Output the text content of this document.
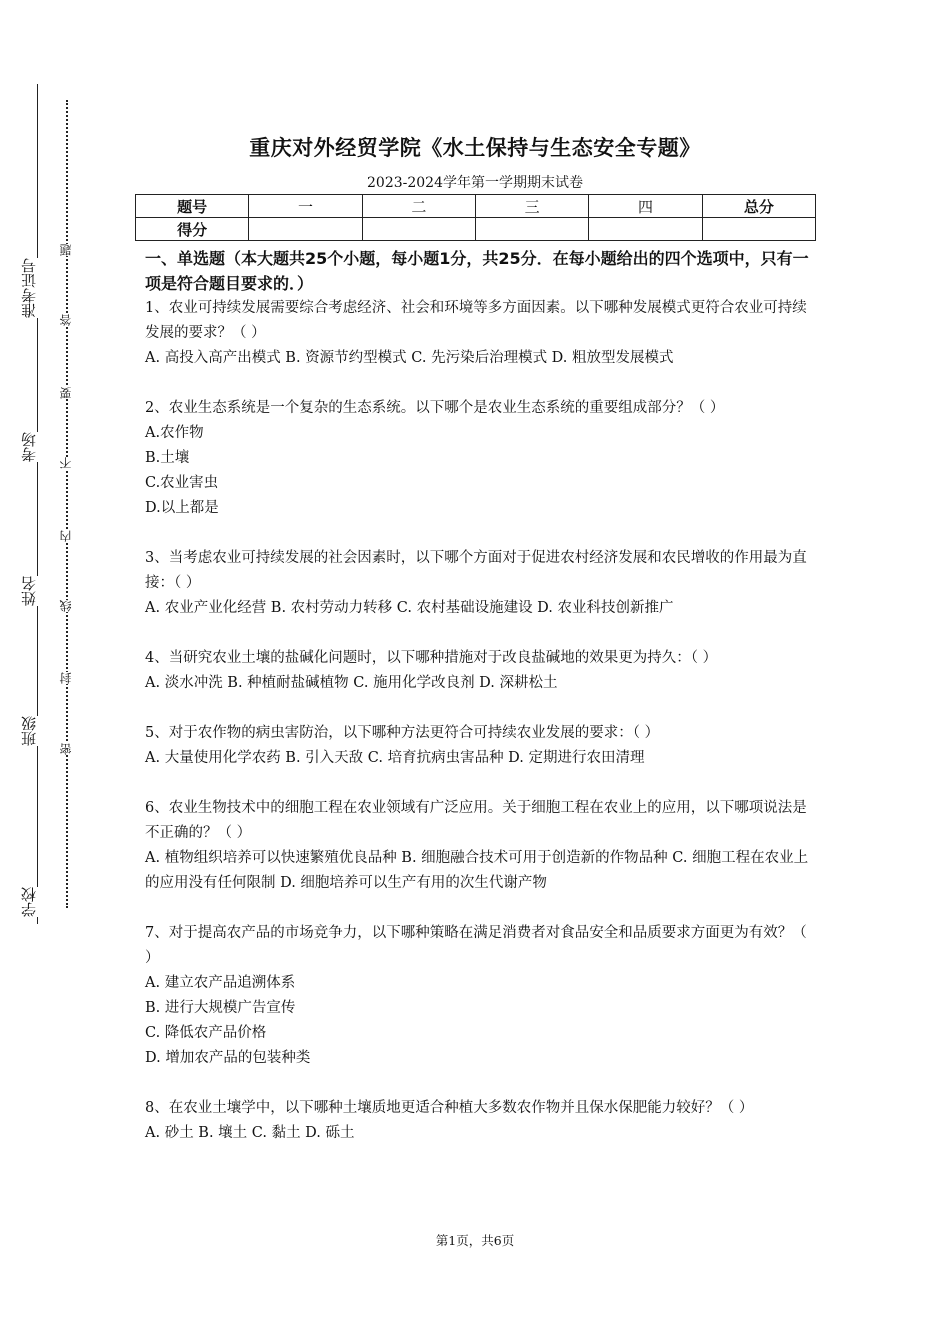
准考证号
考场
姓名
班级
学校
题
答
要
不
内
线
封
密
重庆对外经贸学院《水土保持与生态安全专题》
2023-2024学年第一学期期末试卷
题号	一	二	三	四	总分
得分					

一、单选题（本大题共25个小题，每小题1分，共25分．在每小题给出的四个选项中，只有一项是符合题目要求的．）

1、农业可持续发展需要综合考虑经济、社会和环境等多方面因素。以下哪种发展模式更符合农业可持续发展的要求？（ ）

A. 高投入高产出模式 B. 资源节约型模式 C. 先污染后治理模式 D. 粗放型发展模式

2、农业生态系统是一个复杂的生态系统。以下哪个是农业生态系统的重要组成部分？（ ）

A.农作物

B.土壤

C.农业害虫

D.以上都是

3、当考虑农业可持续发展的社会因素时，以下哪个方面对于促进农村经济发展和农民增收的作用最为直接：（ ）

A. 农业产业化经营 B. 农村劳动力转移 C. 农村基础设施建设 D. 农业科技创新推广

4、当研究农业土壤的盐碱化问题时，以下哪种措施对于改良盐碱地的效果更为持久：（ ）

A. 淡水冲洗 B. 种植耐盐碱植物 C. 施用化学改良剂 D. 深耕松土

5、对于农作物的病虫害防治，以下哪种方法更符合可持续农业发展的要求：（ ）

A. 大量使用化学农药 B. 引入天敌 C. 培育抗病虫害品种 D. 定期进行农田清理

6、农业生物技术中的细胞工程在农业领域有广泛应用。关于细胞工程在农业上的应用，以下哪项说法是不正确的？（ ）

A. 植物组织培养可以快速繁殖优良品种 B. 细胞融合技术可用于创造新的作物品种 C. 细胞工程在农业上的应用没有任何限制 D. 细胞培养可以生产有用的次生代谢产物

7、对于提高农产品的市场竞争力，以下哪种策略在满足消费者对食品安全和品质要求方面更为有效？（ ）

A. 建立农产品追溯体系

B. 进行大规模广告宣传

C. 降低农产品价格

D. 增加农产品的包装种类

8、在农业土壤学中，以下哪种土壤质地更适合种植大多数农作物并且保水保肥能力较好？（ ）

A. 砂土 B. 壤土 C. 黏土 D. 砾土

第1页，共6页
